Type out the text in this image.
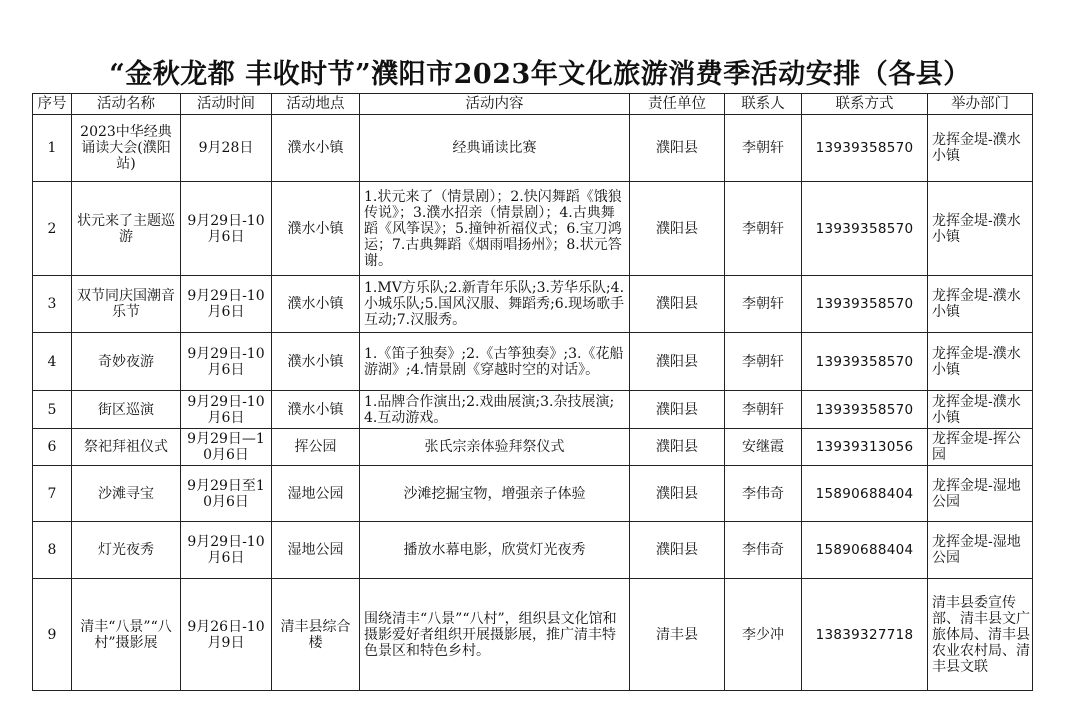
“金秋龙都 丰收时节”濮阳市2023年文化旅游消费季活动安排（各县）
序号	活动名称	活动时间	活动地点	活动内容	责任单位	联系人	联系方式	举办部门
1	2023中华经典诵读大会(濮阳站)	9月28日	濮水小镇	经典诵读比赛	濮阳县	李朝轩	13939358570	龙挥金堤-濮水小镇
2	状元来了主题巡游	9月29日-10月6日	濮水小镇	1.状元来了（情景剧）；2.快闪舞蹈《饿狼传说》；3.濮水招亲（情景剧）；4.古典舞蹈《风筝误》；5.撞钟祈福仪式；6.宝刀鸿运；7.古典舞蹈《烟雨唱扬州》；8.状元答谢。	濮阳县	李朝轩	13939358570	龙挥金堤-濮水小镇
3	双节同庆国潮音乐节	9月29日-10月6日	濮水小镇	1.MV方乐队;2.新青年乐队;3.芳华乐队;4.小城乐队;5.国风汉服、舞蹈秀;6.现场歌手互动;7.汉服秀。	濮阳县	李朝轩	13939358570	龙挥金堤-濮水小镇
4	奇妙夜游	9月29日-10月6日	濮水小镇	1.《笛子独奏》;2.《古筝独奏》;3.《花船游湖》;4.情景剧《穿越时空的对话》。	濮阳县	李朝轩	13939358570	龙挥金堤-濮水小镇
5	街区巡演	9月29日-10月6日	濮水小镇	1.品牌合作演出;2.戏曲展演;3.杂技展演;4.互动游戏。	濮阳县	李朝轩	13939358570	龙挥金堤-濮水小镇
6	祭祀拜祖仪式	9月29日—10月6日	挥公园	张氏宗亲体验拜祭仪式	濮阳县	安继霞	13939313056	龙挥金堤-挥公园
7	沙滩寻宝	9月29日至10月6日	湿地公园	沙滩挖掘宝物，增强亲子体验	濮阳县	李伟奇	15890688404	龙挥金堤-湿地公园
8	灯光夜秀	9月29日-10月6日	湿地公园	播放水幕电影，欣赏灯光夜秀	濮阳县	李伟奇	15890688404	龙挥金堤-湿地公园
9	清丰“八景”“八村”摄影展	9月26日-10月9日	清丰县综合楼	围绕清丰“八景”“八村”，组织县文化馆和摄影爱好者组织开展摄影展，推广清丰特色景区和特色乡村。	清丰县	李少冲	13839327718	清丰县委宣传部、清丰县文广旅体局、清丰县农业农村局、清丰县文联
